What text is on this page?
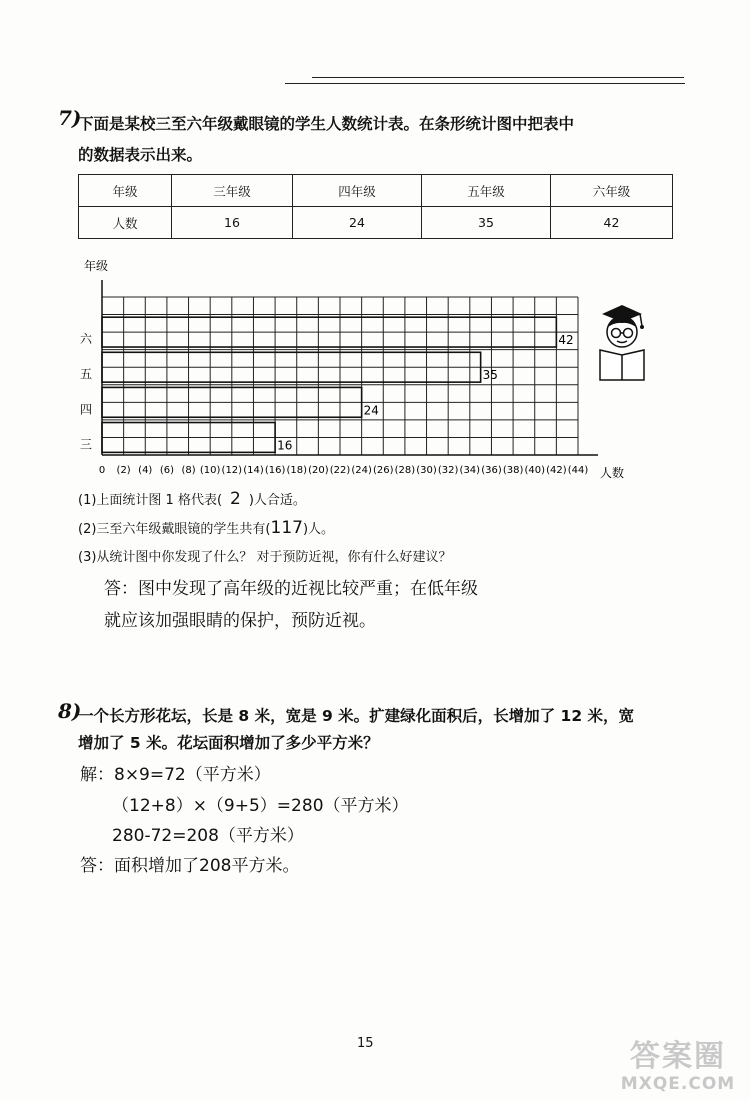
7)
下面是某校三至六年级戴眼镜的学生人数统计表。在条形统计图中把表中
的数据表示出来。
年级	三年级	四年级	五年级	六年级
人数	16	24	35	42
年级
人数
0 (2) (4) (6) (8) (10) (12) (14) (16) (18) (20) (22) (24) (26) (28) (30) (32) (34) (36) (38) (40) (42) (44)
16
三
24
四
35
五
42
六
(1)上面统计图 1 格代表( 2 )人合适。
(2)三至六年级戴眼镜的学生共有(117)人。
(3)从统计图中你发现了什么？ 对于预防近视，你有什么好建议？
答：图中发现了高年级的近视比较严重；在低年级
就应该加强眼睛的保护，预防近视。

8)
一个长方形花坛，长是 8 米，宽是 9 米。扩建绿化面积后，长增加了 12 米，宽
增加了 5 米。花坛面积增加了多少平方米？
解：8×9=72（平方米）
（12+8）×（9+5）=280（平方米）
280-72=208（平方米）
答：面积增加了208平方米。
15	答案圈
MXQE.COM
